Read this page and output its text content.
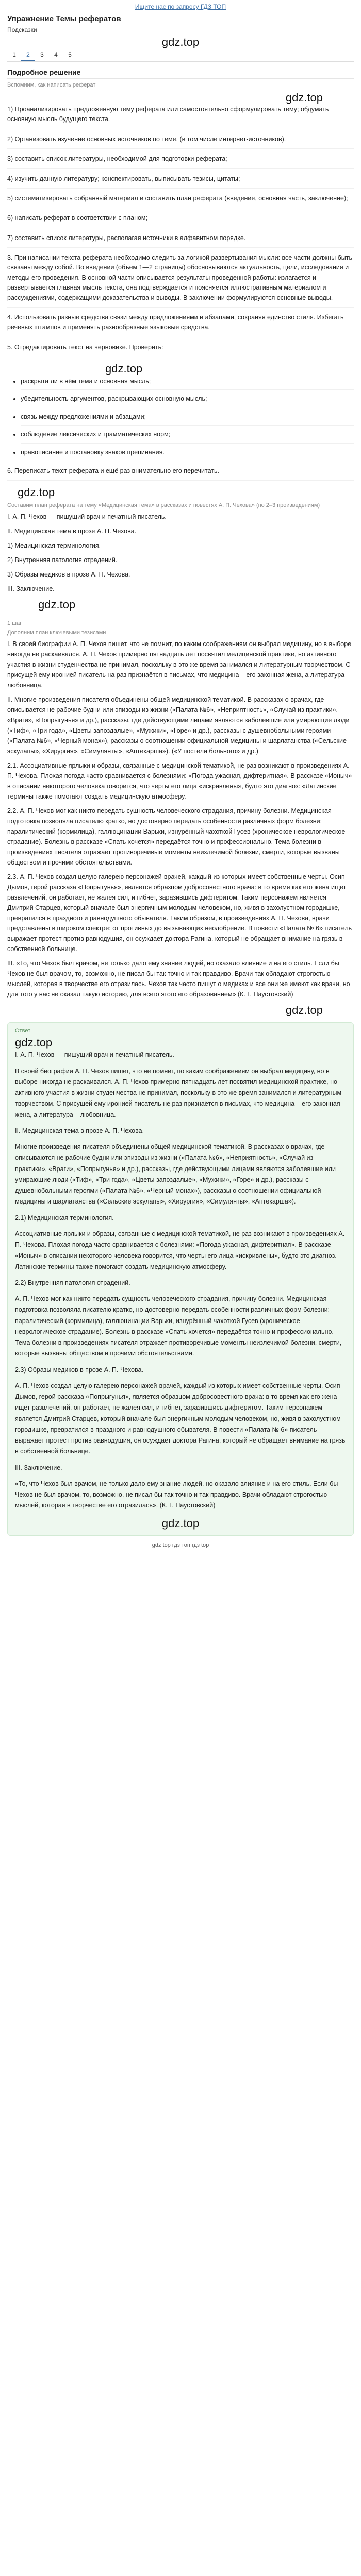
Ищите нас по запросу ГДЗ ТОП
Упражнение Темы рефератов
Подсказки
gdz.top
1	2	3	4	5
Подробное решение
Вспомним, как написать реферат
gdz.top

1) Проанализировать предложенную тему реферата или самостоятельно сформулировать тему; обдумать основную мысль будущего текста.

2) Организовать изучение основных источников по теме, (в том числе интернет-источников).

3) составить список литературы, необходимой для подготовки реферата;

4) изучить данную литературу; конспектировать, выписывать тезисы, цитаты;

5) систематизировать собранный материал и составить план реферата (введение, основная часть, заключение);

6) написать реферат в соответствии с планом;

7) составить список литературы, располагая источники в алфавитном порядке.

3. При написании текста реферата необходимо следить за логикой развертывания мысли: все части должны быть связаны между собой. Во введении (объем 1—2 страницы) обосновываются актуальность, цели, исследования и методы его проведения. В основной части описывается результаты проведенной работы: излагается и развертывается главная мысль текста, она подтверждается и поясняется иллюстративным материалом и рассуждениями, содержащими доказательства и выводы. В заключении формулируются основные выводы.

4. Использовать разные средства связи между предложениями и абзацами, сохраняя единство стиля. Избегать речевых штампов и применять разнообразные языковые средства.

5. Отредактировать текст на черновике. Проверить:

gdz.top
• раскрыта ли в нём тема и основная мысль;
• убедительность аргументов, раскрывающих основную мысль;
• связь между предложениями и абзацами;
• соблюдение лексических и грамматических норм;
• правописание и постановку знаков препинания.

6. Переписать текст реферата и ещё раз внимательно его перечитать.

gdz.top
Составим план реферата на тему «Медицинская тема» в рассказах и повестях А. П. Чехова» (по 2–3 произведениям)

I. А. П. Чехов — пишущий врач и печатный писатель.

II. Медицинская тема в прозе А. П. Чехова.

1) Медицинская терминология.

2) Внутренняя патология отрадений.

3) Образы медиков в прозе А. П. Чехова.

III. Заключение.

gdz.top
1 шаг
Дополним план ключевыми тезисами

I. В своей биографии А. П. Чехов пишет, что не помнит, по каким соображениям он выбрал медицину, но в выборе никогда не раскаивался. А. П. Чехов примерно пятнадцать лет посвятил медицинской практике, но активного участия в жизни студенчества не принимал, поскольку в это же время занимался и литературным творчеством. С присущей ему иронией писатель на раз признаётся в письмах, что медицина – его законная жена, а литература – любовница.

II. Многие произведения писателя объединены общей медицинской тематикой. В рассказах о врачах, где описывается не рабочие будни или эпизоды из жизни («Палата №6», «Неприятность», «Случай из практики», «Враги», «Попрыгунья» и др.), рассказы, где действующими лицами являются заболевшие или умирающие люди («Тиф», «Три года», «Цветы запоздалые», «Мужики», «Горе» и др.), рассказы с душевнобольными героями («Палата №6», «Черный монах»), рассказы о соотношении официальной медицины и шарлатанства («Сельские эскулапы», «Хирургия», «Симулянты», «Аптекарша»). («У постели больного» и др.)

2.1. Ассоциативные ярлыки и образы, связанные с медицинской тематикой, не раз возникают в произведениях А. П. Чехова. Плохая погода часто сравнивается с болезнями: «Погода ужасная, дифтеритная». В рассказе «Ионыч» в описании некоторого человека говорится, что черты его лица «искривлены», будто это диагноз: «Латинские термины также помогают создать медицинскую атмосферу.

2.2. А. П. Чехов мог как никто передать сущность человеческого страдания, причину болезни. Медицинская подготовка позволяла писателю кратко, но достоверно передать особенности различных форм болезни: паралитический (кормилица), галлюцинации Варьки, изнурённый чахоткой Гусев (хроническое неврологическое страдание). Болезнь в рассказе «Спать хочется» передаётся точно и профессионально. Тема болезни в произведениях писателя отражает противоречивые моменты неизлечимой болезни, смерти, которые вызваны обществом и прочими обстоятельствами.

2.3. А. П. Чехов создал целую галерею персонажей-врачей, каждый из которых имеет собственные черты. Осип Дымов, герой рассказа «Попрыгунья», является образцом добросовестного врача: в то время как его жена ищет развлечений, он работает, не жалея сил, и гибнет, заразившись дифтеритом. Таким персонажем является Дмитрий Старцев, который вначале был энергичным молодым человеком, но, живя в захолустном городишке, превратился в праздного и равнодушного обывателя. Таким образом, в произведениях А. П. Чехова, врачи представлены в широком спектре: от противных до вызывающих неодобрение. В повести «Палата № 6» писатель выражает протест против равнодушия, он осуждает доктора Рагина, который не обращает внимание на грязь в собственной больнице.

III. «То, что Чехов был врачом, не только дало ему знание людей, но оказало влияние и на его стиль. Если бы Чехов не был врачом, то, возможно, не писал бы так точно и так правдиво. Врачи так обладают строгостью мыслей, которая в творчестве его отразилась. Чехов так часто пишут о медиках и все они же имеют как врачи, но для того у нас не оказал такую историю, для всего этого его образованием» (К. Г. Паустовский)

gdz.top
Ответ
gdz.top

I. А. П. Чехов — пишущий врач и печатный писатель.

В своей биографии А. П. Чехов пишет, что не помнит, по каким соображениям он выбрал медицину, но в выборе никогда не раскаивался. А. П. Чехов примерно пятнадцать лет посвятил медицинской практике, но активного участия в жизни студенчества не принимал, поскольку в это же время занимался и литературным творчеством. С присущей ему иронией писатель не раз признаётся в письмах, что медицина – его законная жена, а литература – любовница.

II. Медицинская тема в прозе А. П. Чехова.

Многие произведения писателя объединены общей медицинской тематикой. В рассказах о врачах, где описываются не рабочие будни или эпизоды из жизни («Палата №6», «Неприятность», «Случай из практики», «Враги», «Попрыгунья» и др.), рассказы, где действующими лицами являются заболевшие или умирающие люди («Тиф», «Три года», «Цветы запоздалые», «Мужики», «Горе» и др.), рассказы с душевнобольными героями («Палата №6», «Черный монах»), рассказы о соотношении официальной медицины и шарлатанства («Сельские эскулапы», «Хирургия», «Симулянты», «Аптекарша»).

2.1) Медицинская терминология.

Ассоциативные ярлыки и образы, связанные с медицинской тематикой, не раз возникают в произведениях А. П. Чехова. Плохая погода часто сравнивается с болезнями: «Погода ужасная, дифтеритная». В рассказе «Ионыч» в описании некоторого человека говорится, что черты его лица «искривлены», будто это диагноз. Латинские термины также помогают создать медицинскую атмосферу.

2.2) Внутренняя патология отрадений.

А. П. Чехов мог как никто передать сущность человеческого страдания, причину болезни. Медицинская подготовка позволяла писателю кратко, но достоверно передать особенности различных форм болезни: паралитический (кормилица), галлюцинации Варьки, изнурённый чахоткой Гусев (хроническое неврологическое страдание). Болезнь в рассказе «Спать хочется» передаётся точно и профессионально. Тема болезни в произведениях писателя отражает противоречивые моменты неизлечимой болезни, смерти, которые вызваны обществом и прочими обстоятельствами.

2.3) Образы медиков в прозе А. П. Чехова.

А. П. Чехов создал целую галерею персонажей-врачей, каждый из которых имеет собственные черты. Осип Дымов, герой рассказа «Попрыгунья», является образцом добросовестного врача: в то время как его жена ищет развлечений, он работает, не жалея сил, и гибнет, заразившись дифтеритом. Таким персонажем является Дмитрий Старцев, который вначале был энергичным молодым человеком, но, живя в захолустном городишке, превратился в праздного и равнодушного обывателя. В повести «Палата № 6» писатель выражает протест против равнодушия, он осуждает доктора Рагина, который не обращает внимание на грязь в собственной больнице.

III. Заключение.

«То, что Чехов был врачом, не только дало ему знание людей, но оказало влияние и на его стиль. Если бы Чехов не был врачом, то, возможно, не писал бы так точно и так правдиво. Врачи обладают строгостью мыслей, которая в творчестве его отразилась». (К. Г. Паустовский)

gdz.top
gdz top гдз топ гдз top
